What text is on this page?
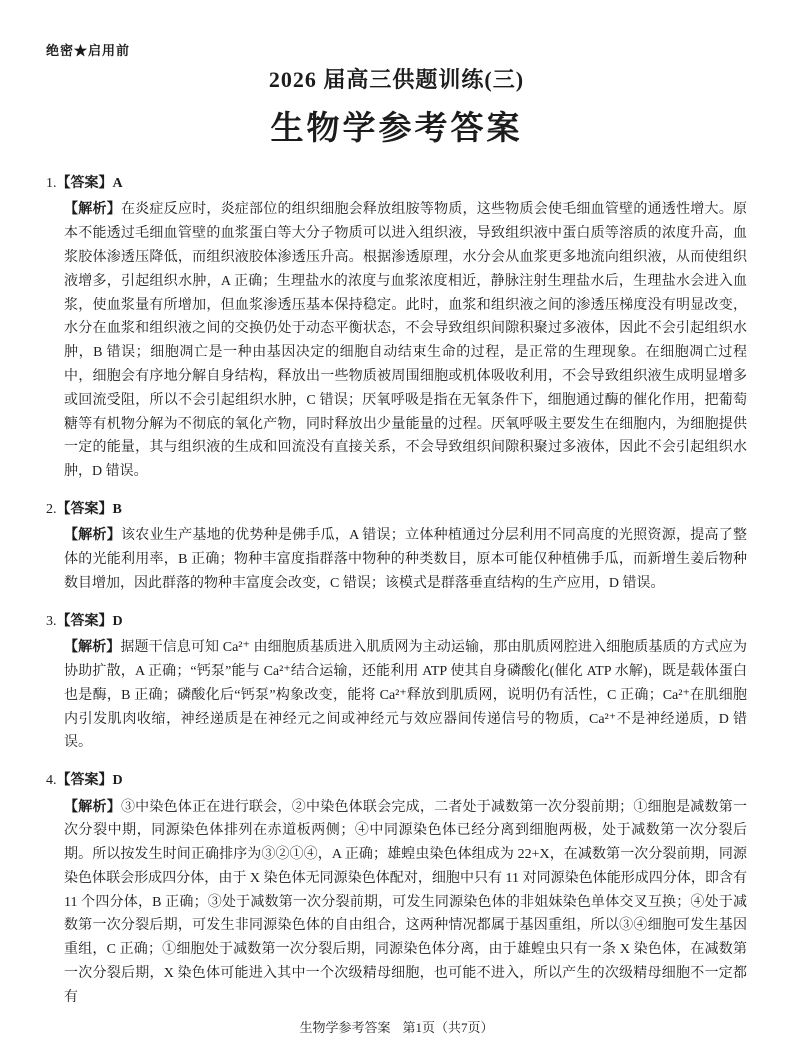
绝密★启用前
2026 届高三供题训练(三)
生物学参考答案
1.【答案】A

【解析】在炎症反应时，炎症部位的组织细胞会释放组胺等物质，这些物质会使毛细血管壁的通透性增大。原本不能透过毛细血管壁的血浆蛋白等大分子物质可以进入组织液，导致组织液中蛋白质等溶质的浓度升高，血浆胶体渗透压降低，而组织液胶体渗透压升高。根据渗透原理，水分会从血浆更多地流向组织液，从而使组织液增多，引起组织水肿，A 正确；生理盐水的浓度与血浆浓度相近，静脉注射生理盐水后，生理盐水会进入血浆，使血浆量有所增加，但血浆渗透压基本保持稳定。此时，血浆和组织液之间的渗透压梯度没有明显改变，水分在血浆和组织液之间的交换仍处于动态平衡状态，不会导致组织间隙积聚过多液体，因此不会引起组织水肿，B 错误；细胞凋亡是一种由基因决定的细胞自动结束生命的过程，是正常的生理现象。在细胞凋亡过程中，细胞会有序地分解自身结构，释放出一些物质被周围细胞或机体吸收利用，不会导致组织液生成明显增多或回流受阻，所以不会引起组织水肿，C 错误；厌氧呼吸是指在无氧条件下，细胞通过酶的催化作用，把葡萄糖等有机物分解为不彻底的氧化产物，同时释放出少量能量的过程。厌氧呼吸主要发生在细胞内，为细胞提供一定的能量，其与组织液的生成和回流没有直接关系，不会导致组织间隙积聚过多液体，因此不会引起组织水肿，D 错误。

2.【答案】B

【解析】该农业生产基地的优势种是佛手瓜，A 错误；立体种植通过分层利用不同高度的光照资源，提高了整体的光能利用率，B 正确；物种丰富度指群落中物种的种类数目，原本可能仅种植佛手瓜，而新增生姜后物种数目增加，因此群落的物种丰富度会改变，C 错误；该模式是群落垂直结构的生产应用，D 错误。

3.【答案】D

【解析】据题干信息可知 Ca²⁺ 由细胞质基质进入肌质网为主动运输，那由肌质网腔进入细胞质基质的方式应为协助扩散，A 正确；“钙泵”能与 Ca²⁺结合运输，还能利用 ATP 使其自身磷酸化(催化 ATP 水解)，既是载体蛋白也是酶，B 正确；磷酸化后“钙泵”构象改变，能将 Ca²⁺释放到肌质网，说明仍有活性，C 正确；Ca²⁺在肌细胞内引发肌肉收缩，神经递质是在神经元之间或神经元与效应器间传递信号的物质，Ca²⁺不是神经递质，D 错误。

4.【答案】D

【解析】③中染色体正在进行联会，②中染色体联会完成，二者处于减数第一次分裂前期；①细胞是减数第一次分裂中期，同源染色体排列在赤道板两侧；④中同源染色体已经分离到细胞两极，处于减数第一次分裂后期。所以按发生时间正确排序为③②①④，A 正确；雄蝗虫染色体组成为 22+X，在减数第一次分裂前期，同源染色体联会形成四分体，由于 X 染色体无同源染色体配对，细胞中只有 11 对同源染色体能形成四分体，即含有 11 个四分体，B 正确；③处于减数第一次分裂前期，可发生同源染色体的非姐妹染色单体交叉互换；④处于减数第一次分裂后期，可发生非同源染色体的自由组合，这两种情况都属于基因重组，所以③④细胞可发生基因重组，C 正确；①细胞处于减数第一次分裂后期，同源染色体分离，由于雄蝗虫只有一条 X 染色体，在减数第一次分裂后期，X 染色体可能进入其中一个次级精母细胞，也可能不进入，所以产生的次级精母细胞不一定都有

生物学参考答案 第1页（共7页）
